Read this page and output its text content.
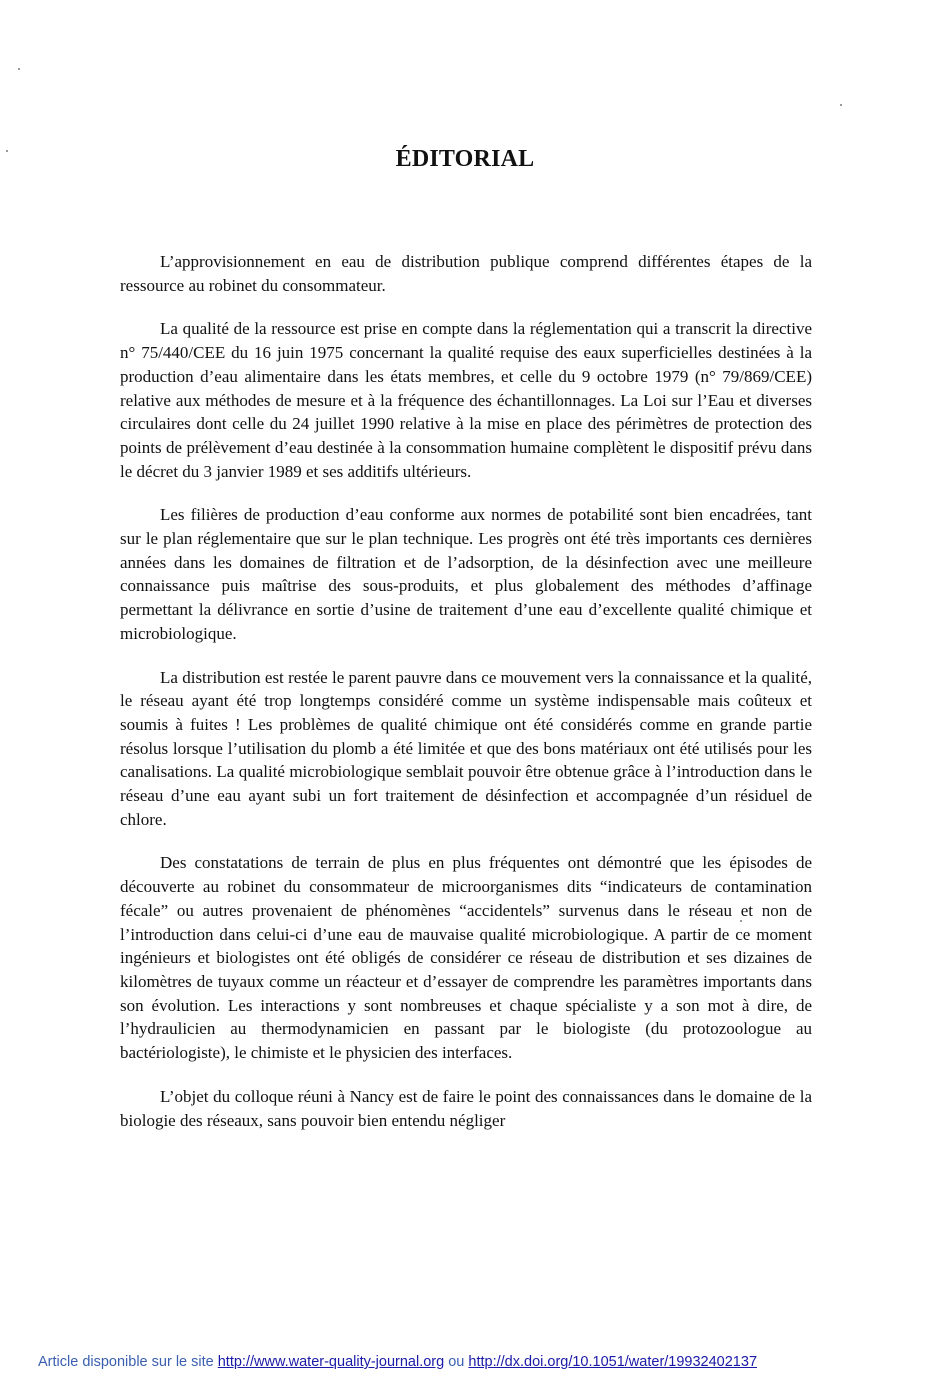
ÉDITORIAL

L’approvisionnement en eau de distribution publique comprend différentes étapes de la ressource au robinet du consommateur.

La qualité de la ressource est prise en compte dans la réglementation qui a transcrit la directive n° 75/440/CEE du 16 juin 1975 concernant la qualité requise des eaux superficielles destinées à la production d’eau alimentaire dans les états membres, et celle du 9 octobre 1979 (n° 79/869/CEE) relative aux méthodes de mesure et à la fréquence des échantillonnages. La Loi sur l’Eau et diverses circulaires dont celle du 24 juillet 1990 relative à la mise en place des périmètres de protection des points de prélèvement d’eau destinée à la consommation humaine complètent le dispositif prévu dans le décret du 3 janvier 1989 et ses additifs ultérieurs.

Les filières de production d’eau conforme aux normes de potabilité sont bien encadrées, tant sur le plan réglementaire que sur le plan technique. Les progrès ont été très importants ces dernières années dans les domaines de filtration et de l’adsorption, de la désinfection avec une meilleure connaissance puis maîtrise des sous-produits, et plus globalement des méthodes d’affinage permettant la délivrance en sortie d’usine de traitement d’une eau d’excellente qualité chimique et microbiologique.

La distribution est restée le parent pauvre dans ce mouvement vers la connaissance et la qualité, le réseau ayant été trop longtemps considéré comme un système indispensable mais coûteux et soumis à fuites ! Les problèmes de qualité chimique ont été considérés comme en grande partie résolus lorsque l’utilisation du plomb a été limitée et que des bons matériaux ont été utilisés pour les canalisations. La qualité microbiologique semblait pouvoir être obtenue grâce à l’introduction dans le réseau d’une eau ayant subi un fort traitement de désinfection et accompagnée d’un résiduel de chlore.

Des constatations de terrain de plus en plus fréquentes ont démontré que les épisodes de découverte au robinet du consommateur de microorganismes dits “indicateurs de contamination fécale” ou autres provenaient de phénomènes “accidentels” survenus dans le réseau et non de l’introduction dans celui-ci d’une eau de mauvaise qualité microbiologique. A partir de ce moment ingénieurs et biologistes ont été obligés de considérer ce réseau de distribution et ses dizaines de kilomètres de tuyaux comme un réacteur et d’essayer de comprendre les paramètres importants dans son évolution. Les interactions y sont nombreuses et chaque spécialiste y a son mot à dire, de l’hydraulicien au thermodynamicien en passant par le biologiste (du protozoologue au bactériologiste), le chimiste et le physicien des interfaces.

L’objet du colloque réuni à Nancy est de faire le point des connaissances dans le domaine de la biologie des réseaux, sans pouvoir bien entendu négliger

Article disponible sur le site http://www.water-quality-journal.org ou http://dx.doi.org/10.1051/water/19932402137
